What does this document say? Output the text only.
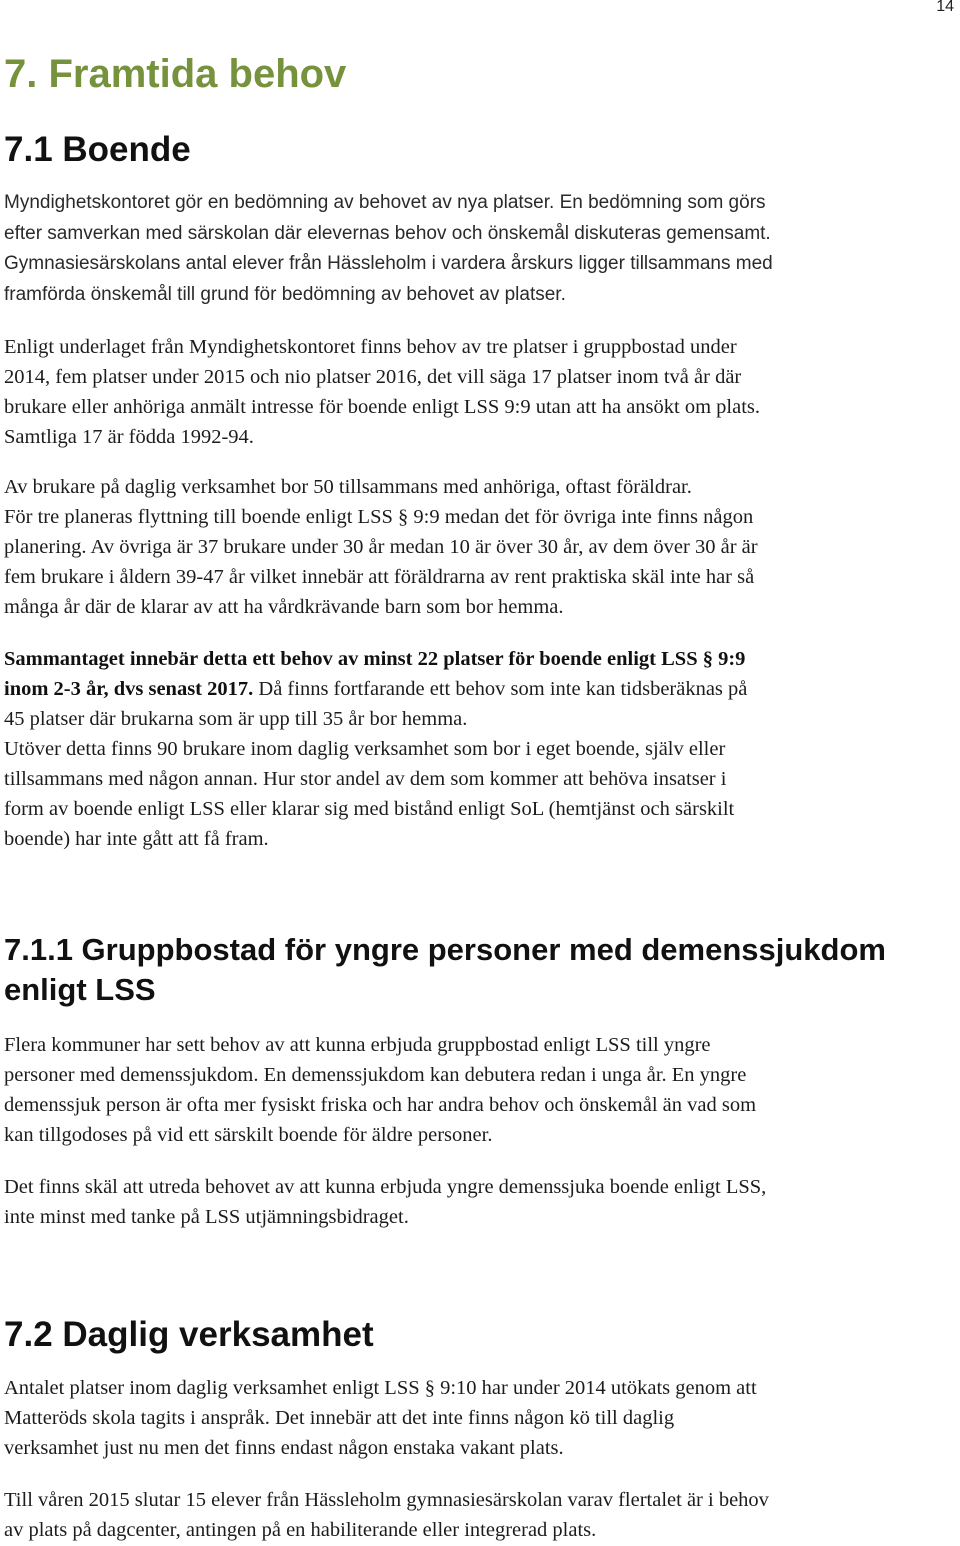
14
7. Framtida behov
7.1 Boende

Myndighetskontoret gör en bedömning av behovet av nya platser. En bedömning som görs
efter samverkan med särskolan där elevernas behov och önskemål diskuteras gemensamt.
Gymnasiesärskolans antal elever från Hässleholm i vardera årskurs ligger tillsammans med
framförda önskemål till grund för bedömning av behovet av platser.

Enligt underlaget från Myndighetskontoret finns behov av tre platser i gruppbostad under
2014, fem platser under 2015 och nio platser 2016, det vill säga 17 platser inom två år där
brukare eller anhöriga anmält intresse för boende enligt LSS 9:9 utan att ha ansökt om plats.
Samtliga 17 är födda 1992-94.

Av brukare på daglig verksamhet bor 50 tillsammans med anhöriga, oftast föräldrar.
För tre planeras flyttning till boende enligt LSS § 9:9 medan det för övriga inte finns någon
planering. Av övriga är 37 brukare under 30 år medan 10 är över 30 år, av dem över 30 år är
fem brukare i åldern 39-47 år vilket innebär att föräldrarna av rent praktiska skäl inte har så
många år där de klarar av att ha vårdkrävande barn som bor hemma.

Sammantaget innebär detta ett behov av minst 22 platser för boende enligt LSS § 9:9
inom 2-3 år, dvs senast 2017. Då finns fortfarande ett behov som inte kan tidsberäknas på
45 platser där brukarna som är upp till 35 år bor hemma.
Utöver detta finns 90 brukare inom daglig verksamhet som bor i eget boende, själv eller
tillsammans med någon annan. Hur stor andel av dem som kommer att behöva insatser i
form av boende enligt LSS eller klarar sig med bistånd enligt SoL (hemtjänst och särskilt
boende) har inte gått att få fram.

7.1.1 Gruppbostad för yngre personer med demenssjukdom enligt LSS

Flera kommuner har sett behov av att kunna erbjuda gruppbostad enligt LSS till yngre
personer med demenssjukdom. En demenssjukdom kan debutera redan i unga år. En yngre
demenssjuk person är ofta mer fysiskt friska och har andra behov och önskemål än vad som
kan tillgodoses på vid ett särskilt boende för äldre personer.

Det finns skäl att utreda behovet av att kunna erbjuda yngre demenssjuka boende enligt LSS,
inte minst med tanke på LSS utjämningsbidraget.

7.2 Daglig verksamhet

Antalet platser inom daglig verksamhet enligt LSS § 9:10 har under 2014 utökats genom att
Matteröds skola tagits i anspråk. Det innebär att det inte finns någon kö till daglig
verksamhet just nu men det finns endast någon enstaka vakant plats.

Till våren 2015 slutar 15 elever från Hässleholm gymnasiesärskolan varav flertalet är i behov
av plats på dagcenter, antingen på en habiliterande eller integrerad plats.
